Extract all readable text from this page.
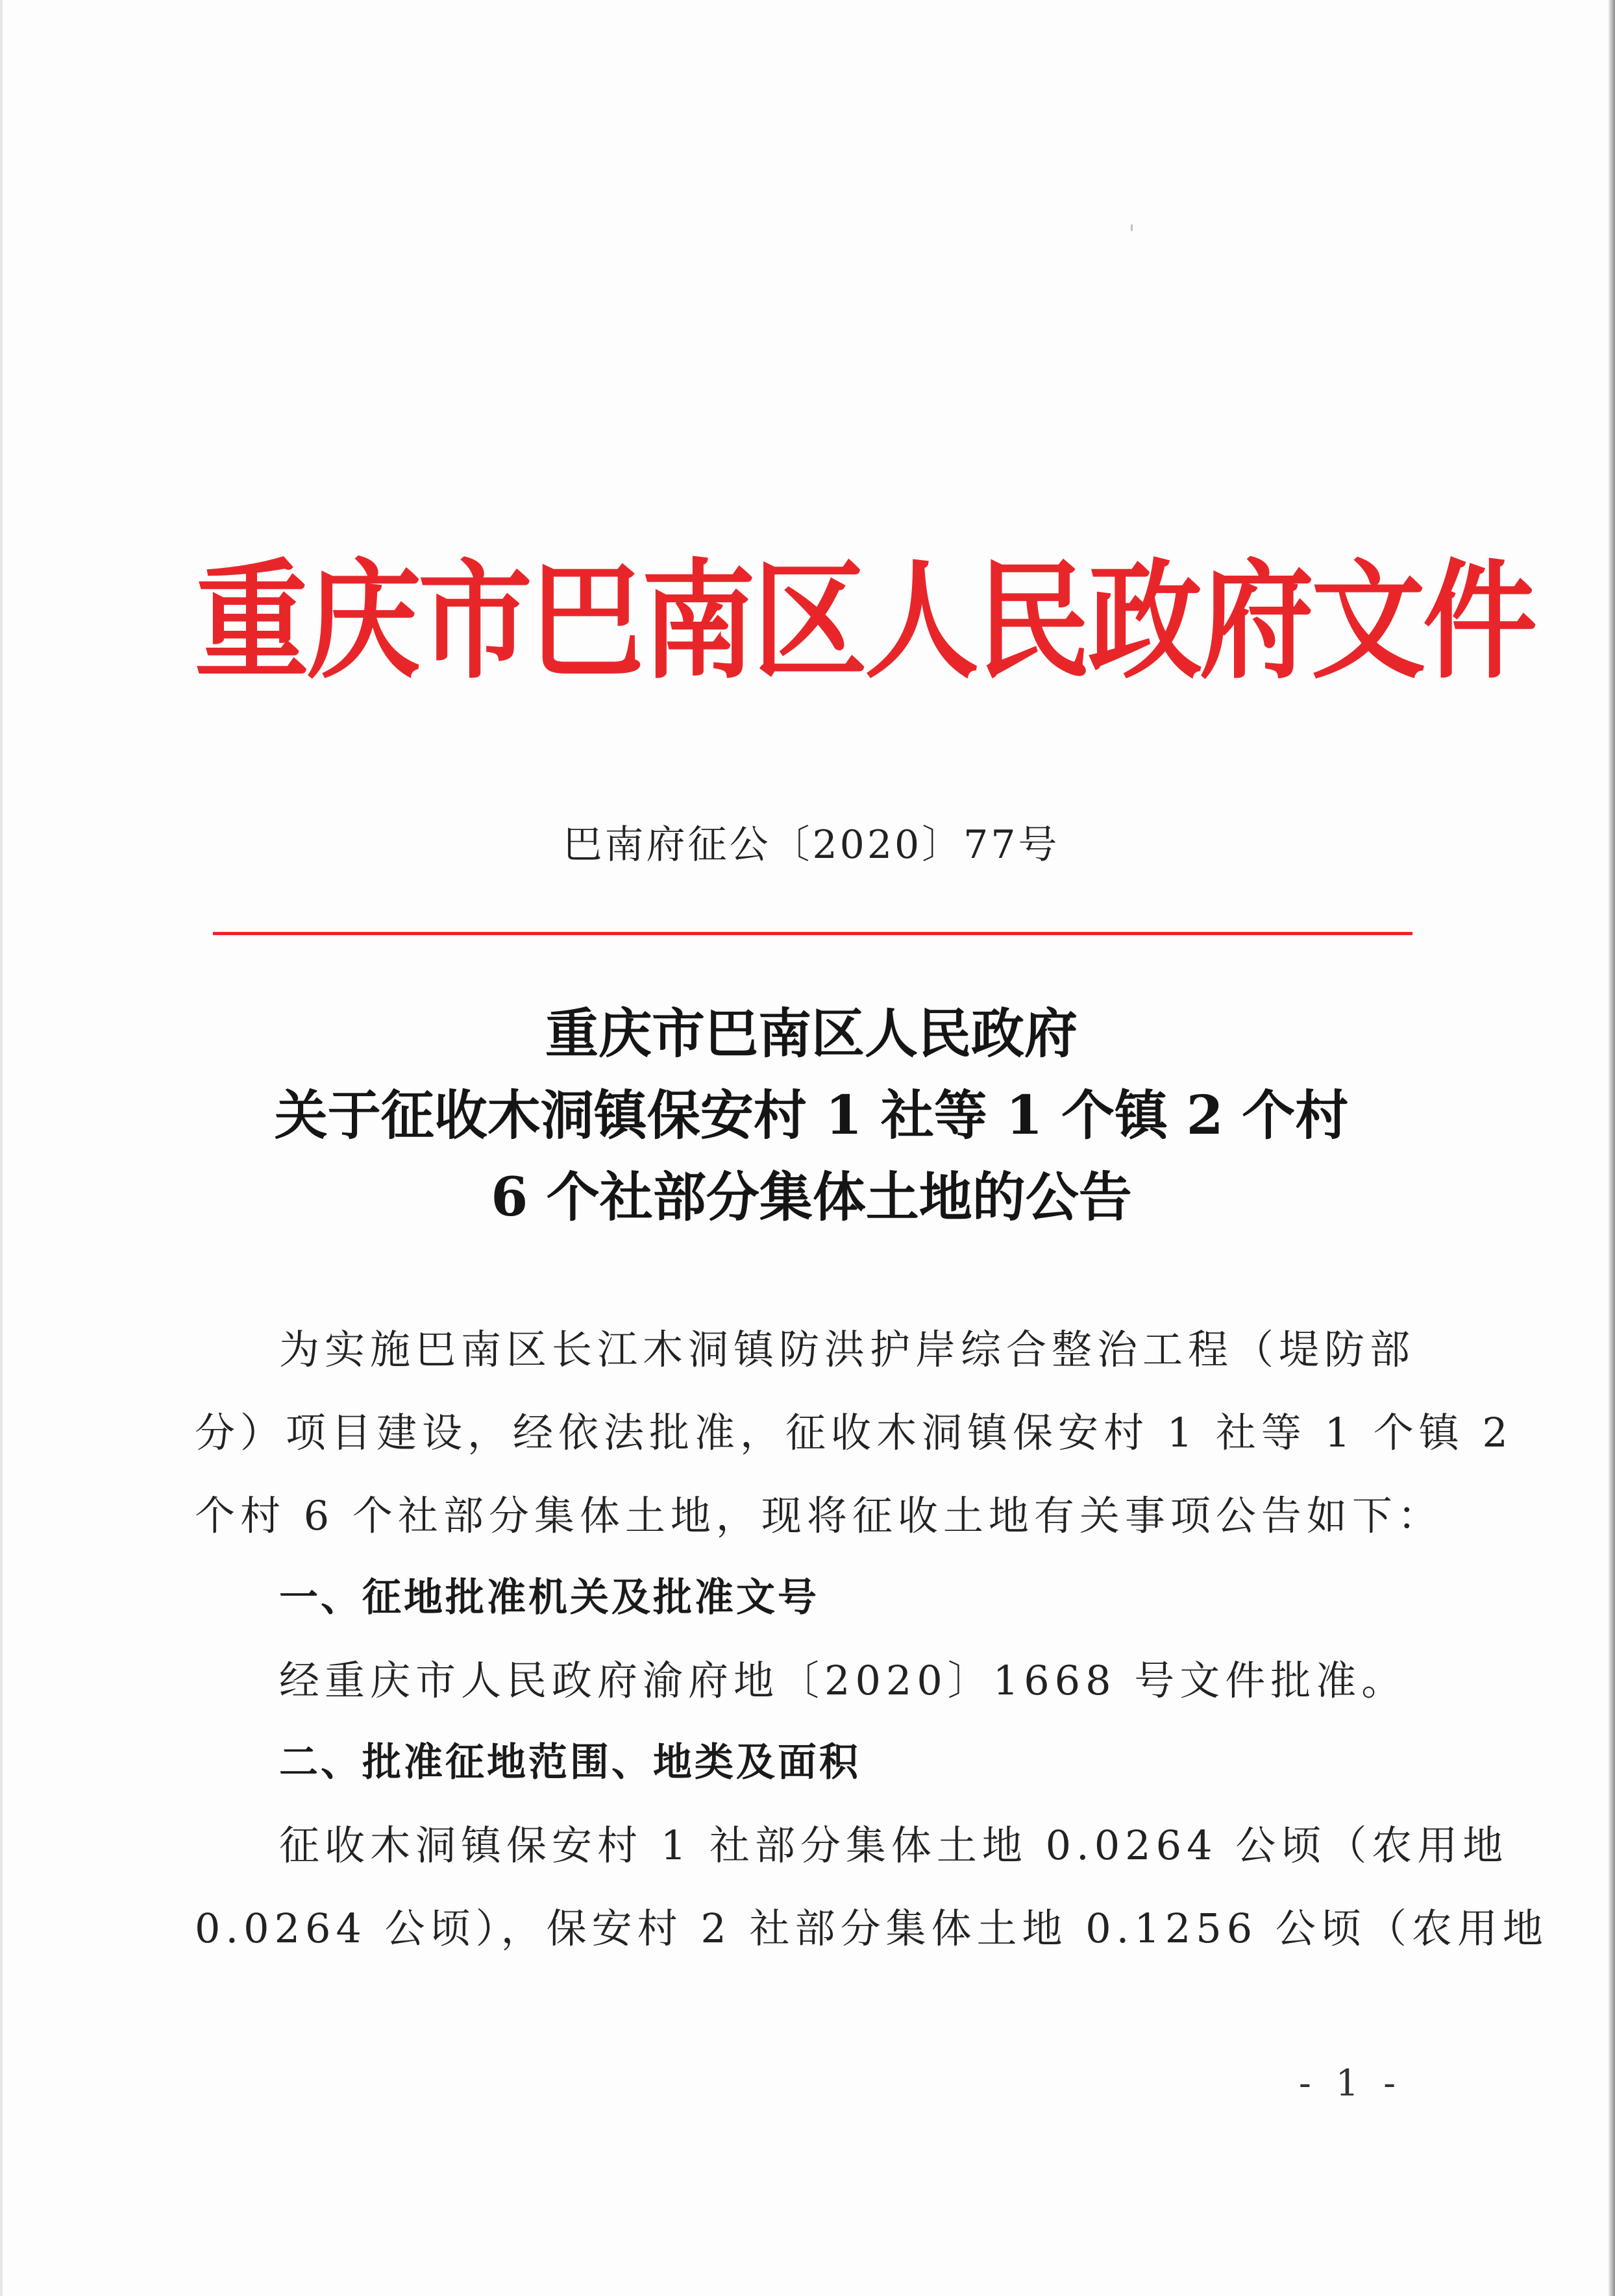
重庆市巴南区人民政府文件
巴南府征公〔2020〕77号
重庆市巴南区人民政府
关于征收木洞镇保安村 1 社等 1 个镇 2 个村
6 个社部分集体土地的公告
为实施巴南区长江木洞镇防洪护岸综合整治工程（堤防部
分）项目建设，经依法批准，征收木洞镇保安村 1 社等 1 个镇 2
个村 6 个社部分集体土地，现将征收土地有关事项公告如下：
一、征地批准机关及批准文号
经重庆市人民政府渝府地〔2020〕1668 号文件批准。
二、批准征地范围、地类及面积
征收木洞镇保安村 1 社部分集体土地 0.0264 公顷（农用地
0.0264 公顷），保安村 2 社部分集体土地 0.1256 公顷（农用地
- 1 -
